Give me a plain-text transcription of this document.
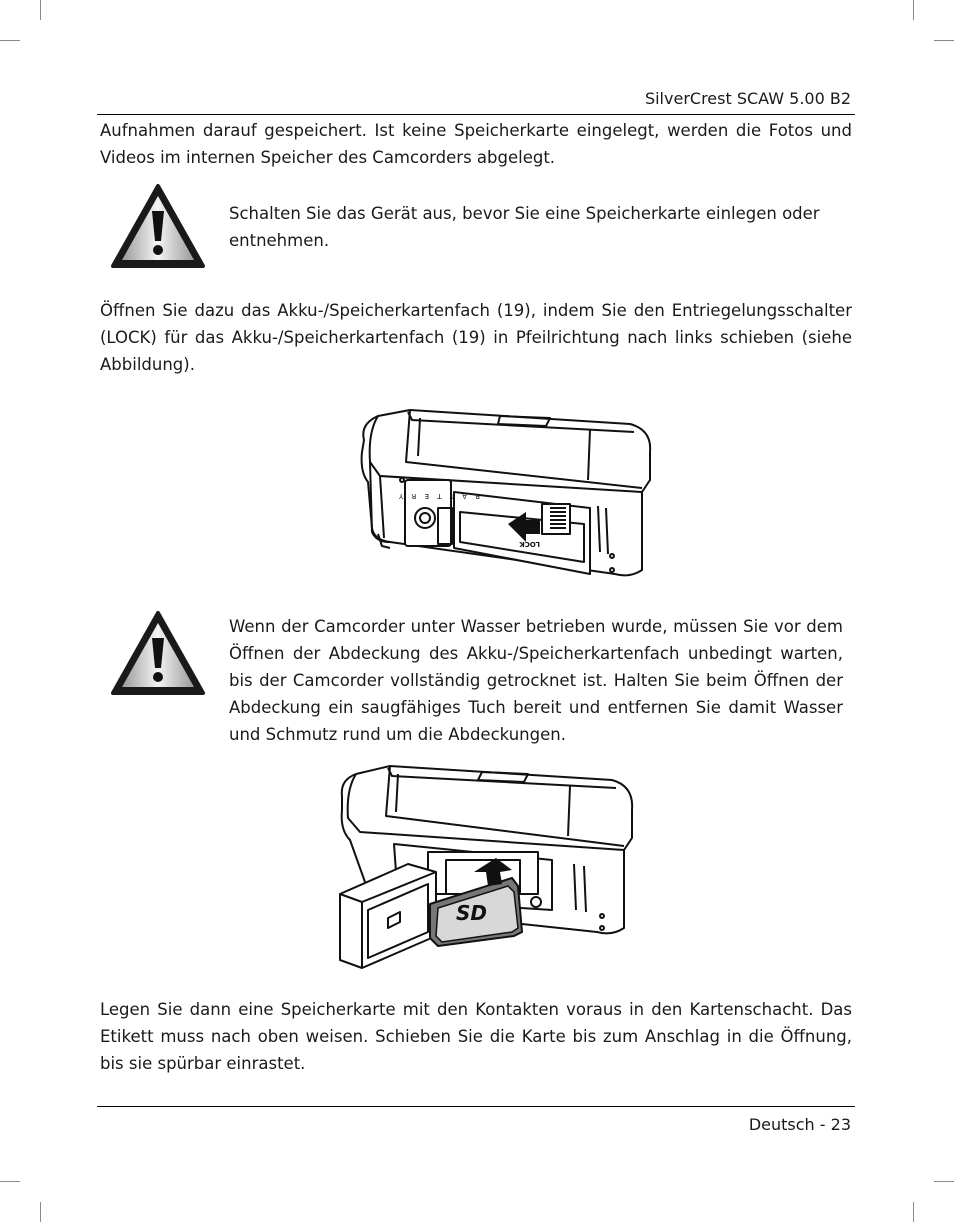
SilverCrest SCAW 5.00 B2
Aufnahmen darauf gespeichert. Ist keine Speicherkarte eingelegt, werden die Fotos und Videos im internen Speicher des Camcorders abgelegt.
Schalten Sie das Gerät aus, bevor Sie eine Speicherkarte einlegen oder entnehmen.
Öffnen Sie dazu das Akku-/Speicherkartenfach (19), indem Sie den Entriegelungsschalter (LOCK) für das Akku-/Speicherkartenfach (19) in Pfeilrichtung nach links schieben (siehe Abbildung).
B A T T E R Y
LOCK
Wenn der Camcorder unter Wasser betrieben wurde, müssen Sie vor dem Öffnen der Abdeckung des Akku-/Speicherkartenfach unbedingt warten, bis der Camcorder vollständig getrocknet ist. Halten Sie beim Öffnen der Abdeckung ein saugfähiges Tuch bereit und entfernen Sie damit Wasser und Schmutz rund um die Abdeckungen.
SD
Legen Sie dann eine Speicherkarte mit den Kontakten voraus in den Kartenschacht. Das Etikett muss nach oben weisen. Schieben Sie die Karte bis zum Anschlag in die Öffnung, bis sie spürbar einrastet.
Deutsch - 23
